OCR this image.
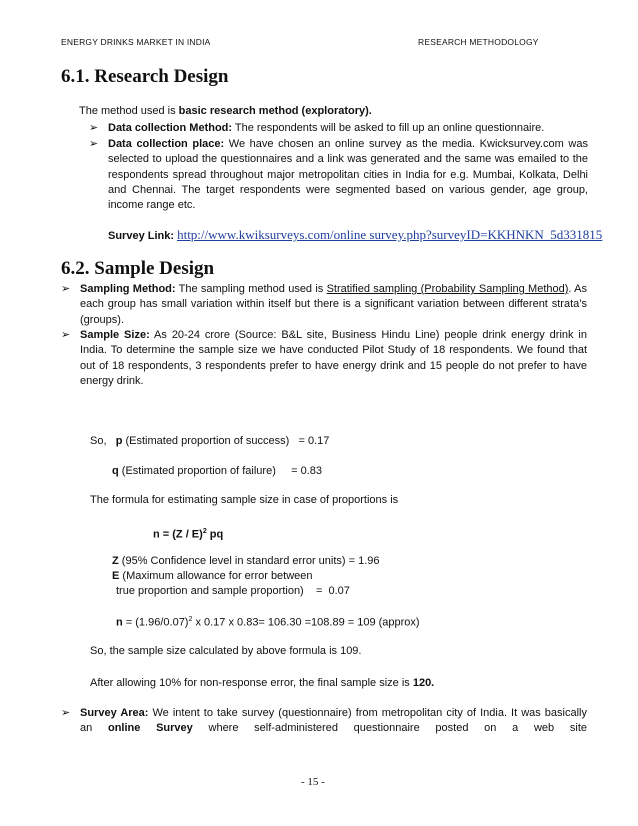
ENERGY DRINKS MARKET IN INDIA	RESEARCH METHODOLOGY
6.1. Research Design
The method used is basic research method (exploratory).
➢ Data collection Method: The respondents will be asked to fill up an online questionnaire.
➢ Data collection place: We have chosen an online survey as the media. Kwicksurvey.com was selected to upload the questionnaires and a link was generated and the same was emailed to the respondents spread throughout major metropolitan cities in India for e.g. Mumbai, Kolkata, Delhi and Chennai. The target respondents were segmented based on various gender, age group, income range etc.
Survey Link: http://www.kwiksurveys.com/online survey.php?surveyID=KKHNKN_5d331815
6.2. Sample Design
➢ Sampling Method: The sampling method used is Stratified sampling (Probability Sampling Method). As each group has small variation within itself but there is a significant variation between different strata’s (groups).
➢ Sample Size: As 20-24 crore (Source: B&L site, Business Hindu Line) people drink energy drink in India. To determine the sample size we have conducted Pilot Study of 18 respondents. We found that out of 18 respondents, 3 respondents prefer to have energy drink and 15 people do not prefer to have energy drink.
So, p (Estimated proportion of success)   = 0.17
q (Estimated proportion of failure)     = 0.83
The formula for estimating sample size in case of proportions is
n = (Z / E)$^2$ pq
Z (95% Confidence level in standard error units) = 1.96
E (Maximum allowance for error between
true proportion and sample proportion)    =  0.07
$n = (1.96/0.07)^2$ x 0.17 x 0.83= 106.30 =108.89 = 109 (approx)
So, the sample size calculated by above formula is 109.
After allowing 10% for non-response error, the final sample size is 120.
➢ Survey Area: We intent to take survey (questionnaire) from metropolitan city of India. It was basically an online Survey where self-administered questionnaire posted on a web site
- 15 -
